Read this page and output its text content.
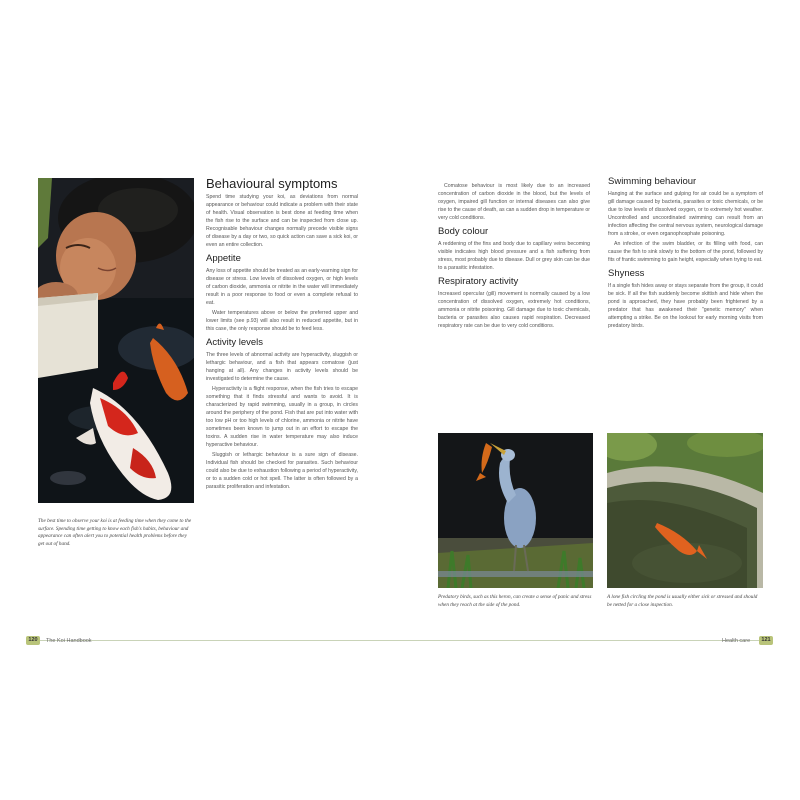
The best time to observe your koi is at feeding time when they come to the surface. Spending time getting to know each fish's habits, behaviour and appearance can often alert you to potential health problems before they get out of hand.
Behavioural symptoms

Spend time studying your koi, as deviations from normal appearance or behaviour could indicate a problem with their state of health. Visual observation is best done at feeding time when the fish rise to the surface and can be inspected from close up. Recognisable behaviour changes normally precede visible signs of disease by a day or two, so quick action can save a sick koi, or even an entire collection.

Appetite

Any loss of appetite should be treated as an early-warning sign for disease or stress. Low levels of dissolved oxygen, or high levels of carbon dioxide, ammonia or nitrite in the water will immediately result in a poor response to food or even a complete refusal to eat.

Water temperatures above or below the preferred upper and lower limits (see p.93) will also result in reduced appetite, but in this case, the only response should be to feed less.

Activity levels

The three levels of abnormal activity are hyperactivity, sluggish or lethargic behaviour, and a fish that appears comatose (just hanging at all). Any changes in activity levels should be investigated to determine the cause.

Hyperactivity is a flight response, when the fish tries to escape something that it finds stressful and wants to avoid. It is characterized by rapid swimming, usually in a group, in circles around the periphery of the pond. Fish that are put into water with too low pH or too high levels of chlorine, ammonia or nitrite have sometimes been known to jump out in an effort to escape the toxins. A sudden rise in water temperature may also induce hyperactive behaviour.

Sluggish or lethargic behaviour is a sure sign of disease. Individual fish should be checked for parasites. Such behaviour could also be due to exhaustion following a period of hyperactivity, or to a sudden cold or hot spell. The latter is often followed by a parasitic proliferation and infestation.

Comatose behaviour is most likely due to an increased concentration of carbon dioxide in the blood, but the levels of oxygen, impaired gill function or internal diseases can also give rise to the cause of death, as can a sudden drop in temperature or very cold conditions.

Body colour

A reddening of the fins and body due to capillary veins becoming visible indicates high blood pressure and a fish suffering from stress, most probably due to disease. Dull or grey skin can be due to a parasitic infestation.

Respiratory activity

Increased opercular (gill) movement is normally caused by a low concentration of dissolved oxygen, extremely hot conditions, ammonia or nitrite poisoning. Gill damage due to toxic chemicals, bacteria or parasites also causes rapid respiration. Decreased respiratory rate can be due to very cold conditions.

Swimming behaviour

Hanging at the surface and gulping for air could be a symptom of gill damage caused by bacteria, parasites or toxic chemicals, or be due to low levels of dissolved oxygen, or to extremely hot weather. Uncontrolled and uncoordinated swimming can result from an infection affecting the central nervous system, neurological damage from a stroke, or even organophosphate poisoning.

An infection of the swim bladder, or its filling with food, can cause the fish to sink slowly to the bottom of the pond, followed by fits of frantic swimming to gain height, especially when trying to eat.

Shyness

If a single fish hides away or stays separate from the group, it could be sick. If all the fish suddenly become skittish and hide when the pond is approached, they have probably been frightened by a predator that has awakened their "genetic memory" when attempting a strike. Be on the lookout for early morning visits from predatory birds.

Predatory birds, such as this heron, can create a sense of panic and stress when they reach at the side of the pond.
A lone fish circling the pond is usually either sick or stressed and should be netted for a close inspection.
120	The Koi Handbook	Health care	121
